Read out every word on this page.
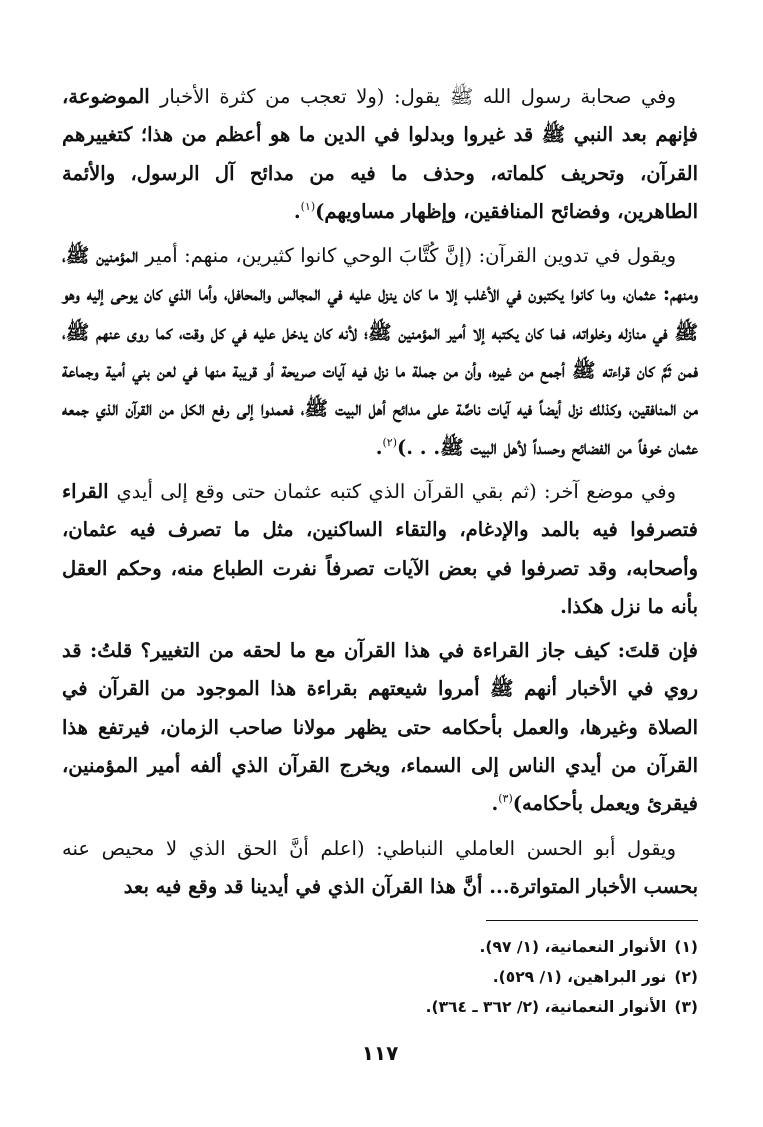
وفي صحابة رسول الله ﷺ يقول: (ولا تعجب من كثرة الأخبار الموضوعة، فإنهم بعد النبي ﷺ قد غيروا وبدلوا في الدين ما هو أعظم من هذا؛ كتغييرهم القرآن، وتحريف كلماته، وحذف ما فيه من مدائح آل الرسول، والأئمة الطاهرين، وفضائح المنافقين، وإظهار مساويهم)$^{(١)}$.

ويقول في تدوين القرآن: (إنَّ كُتَّابَ الوحي كانوا كثيرين، منهم: أمير المؤمنين ﷺ، ومنهم: عثمان، وما كانوا يكتبون في الأغلب إلا ما كان ينزل عليه في المجالس والمحافل، وأما الذي كان يوحى إليه وهو ﷺ في منازله وخلواته، فما كان يكتبه إلا أمير المؤمنين ﷺ؛ لأنه كان يدخل عليه في كل وقت، كما روى عنهم ﷺ، فمن ثَمَّ كان قراءته ﷺ أجمع من غيره، وأن من جملة ما نزل فيه آيات صريحة أو قريبة منها في لعن بني أمية وجماعة من المنافقين، وكذلك نزل أيضاً فيه آيات ناصَّة على مدائح أهل البيت ﷺ، فعمدوا إلى رفع الكل من القرآن الذي جمعه عثمان خوفاً من الفضائح وحسداً لأهل البيت ﷺ. . .)$^{(٢)}$.

وفي موضع آخر: (ثم بقي القرآن الذي كتبه عثمان حتى وقع إلى أيدي القراء فتصرفوا فيه بالمد والإدغام، والتقاء الساكنين، مثل ما تصرف فيه عثمان، وأصحابه، وقد تصرفوا في بعض الآيات تصرفاً نفرت الطباع منه، وحكم العقل بأنه ما نزل هكذا.

فإن قلتَ: كيف جاز القراءة في هذا القرآن مع ما لحقه من التغيير؟ قلتُ: قد روي في الأخبار أنهم ﷺ أمروا شيعتهم بقراءة هذا الموجود من القرآن في الصلاة وغيرها، والعمل بأحكامه حتى يظهر مولانا صاحب الزمان، فيرتفع هذا القرآن من أيدي الناس إلى السماء، ويخرج القرآن الذي ألفه أمير المؤمنين، فيقرئ ويعمل بأحكامه)$^{(٣)}$.

ويقول أبو الحسن العاملي النباطي: (اعلم أنَّ الحق الذي لا محيص عنه بحسب الأخبار المتواترة... أنَّ هذا القرآن الذي في أيدينا قد وقع فيه بعد

(١)الأنوار النعمانية، (١/ ٩٧).
(٢)نور البراهين، (١/ ٥٢٩).
(٣)الأنوار النعمانية، (٢/ ٣٦٢ ـ ٣٦٤).
١١٧
